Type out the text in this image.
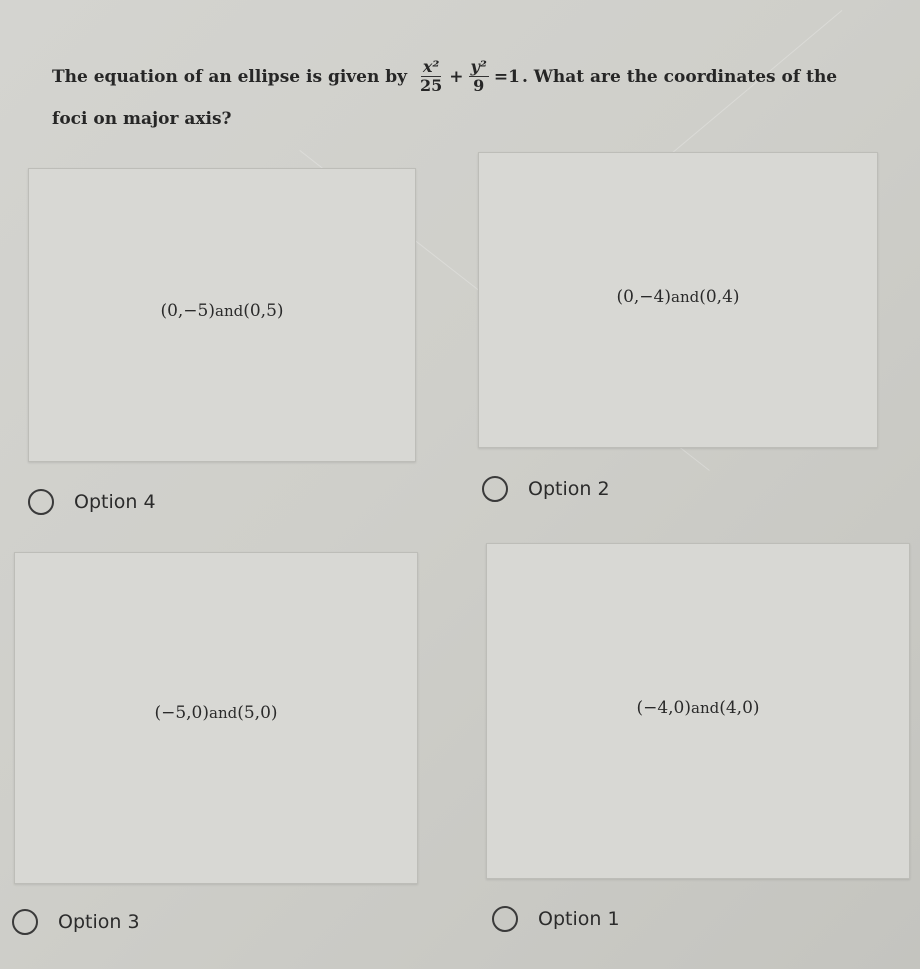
The equation of an ellipse is given by $\frac{\text{x²}}{25} + \frac{\text{y²}}{9} =1$ . What are the coordinates of the
foci on major axis?
(0,−5)and(0,5)
(0,−4)and(0,4)
Option 4
Option 2
(−5,0)and(5,0)	(−4,0)and(4,0)
Option 3	Option 1
